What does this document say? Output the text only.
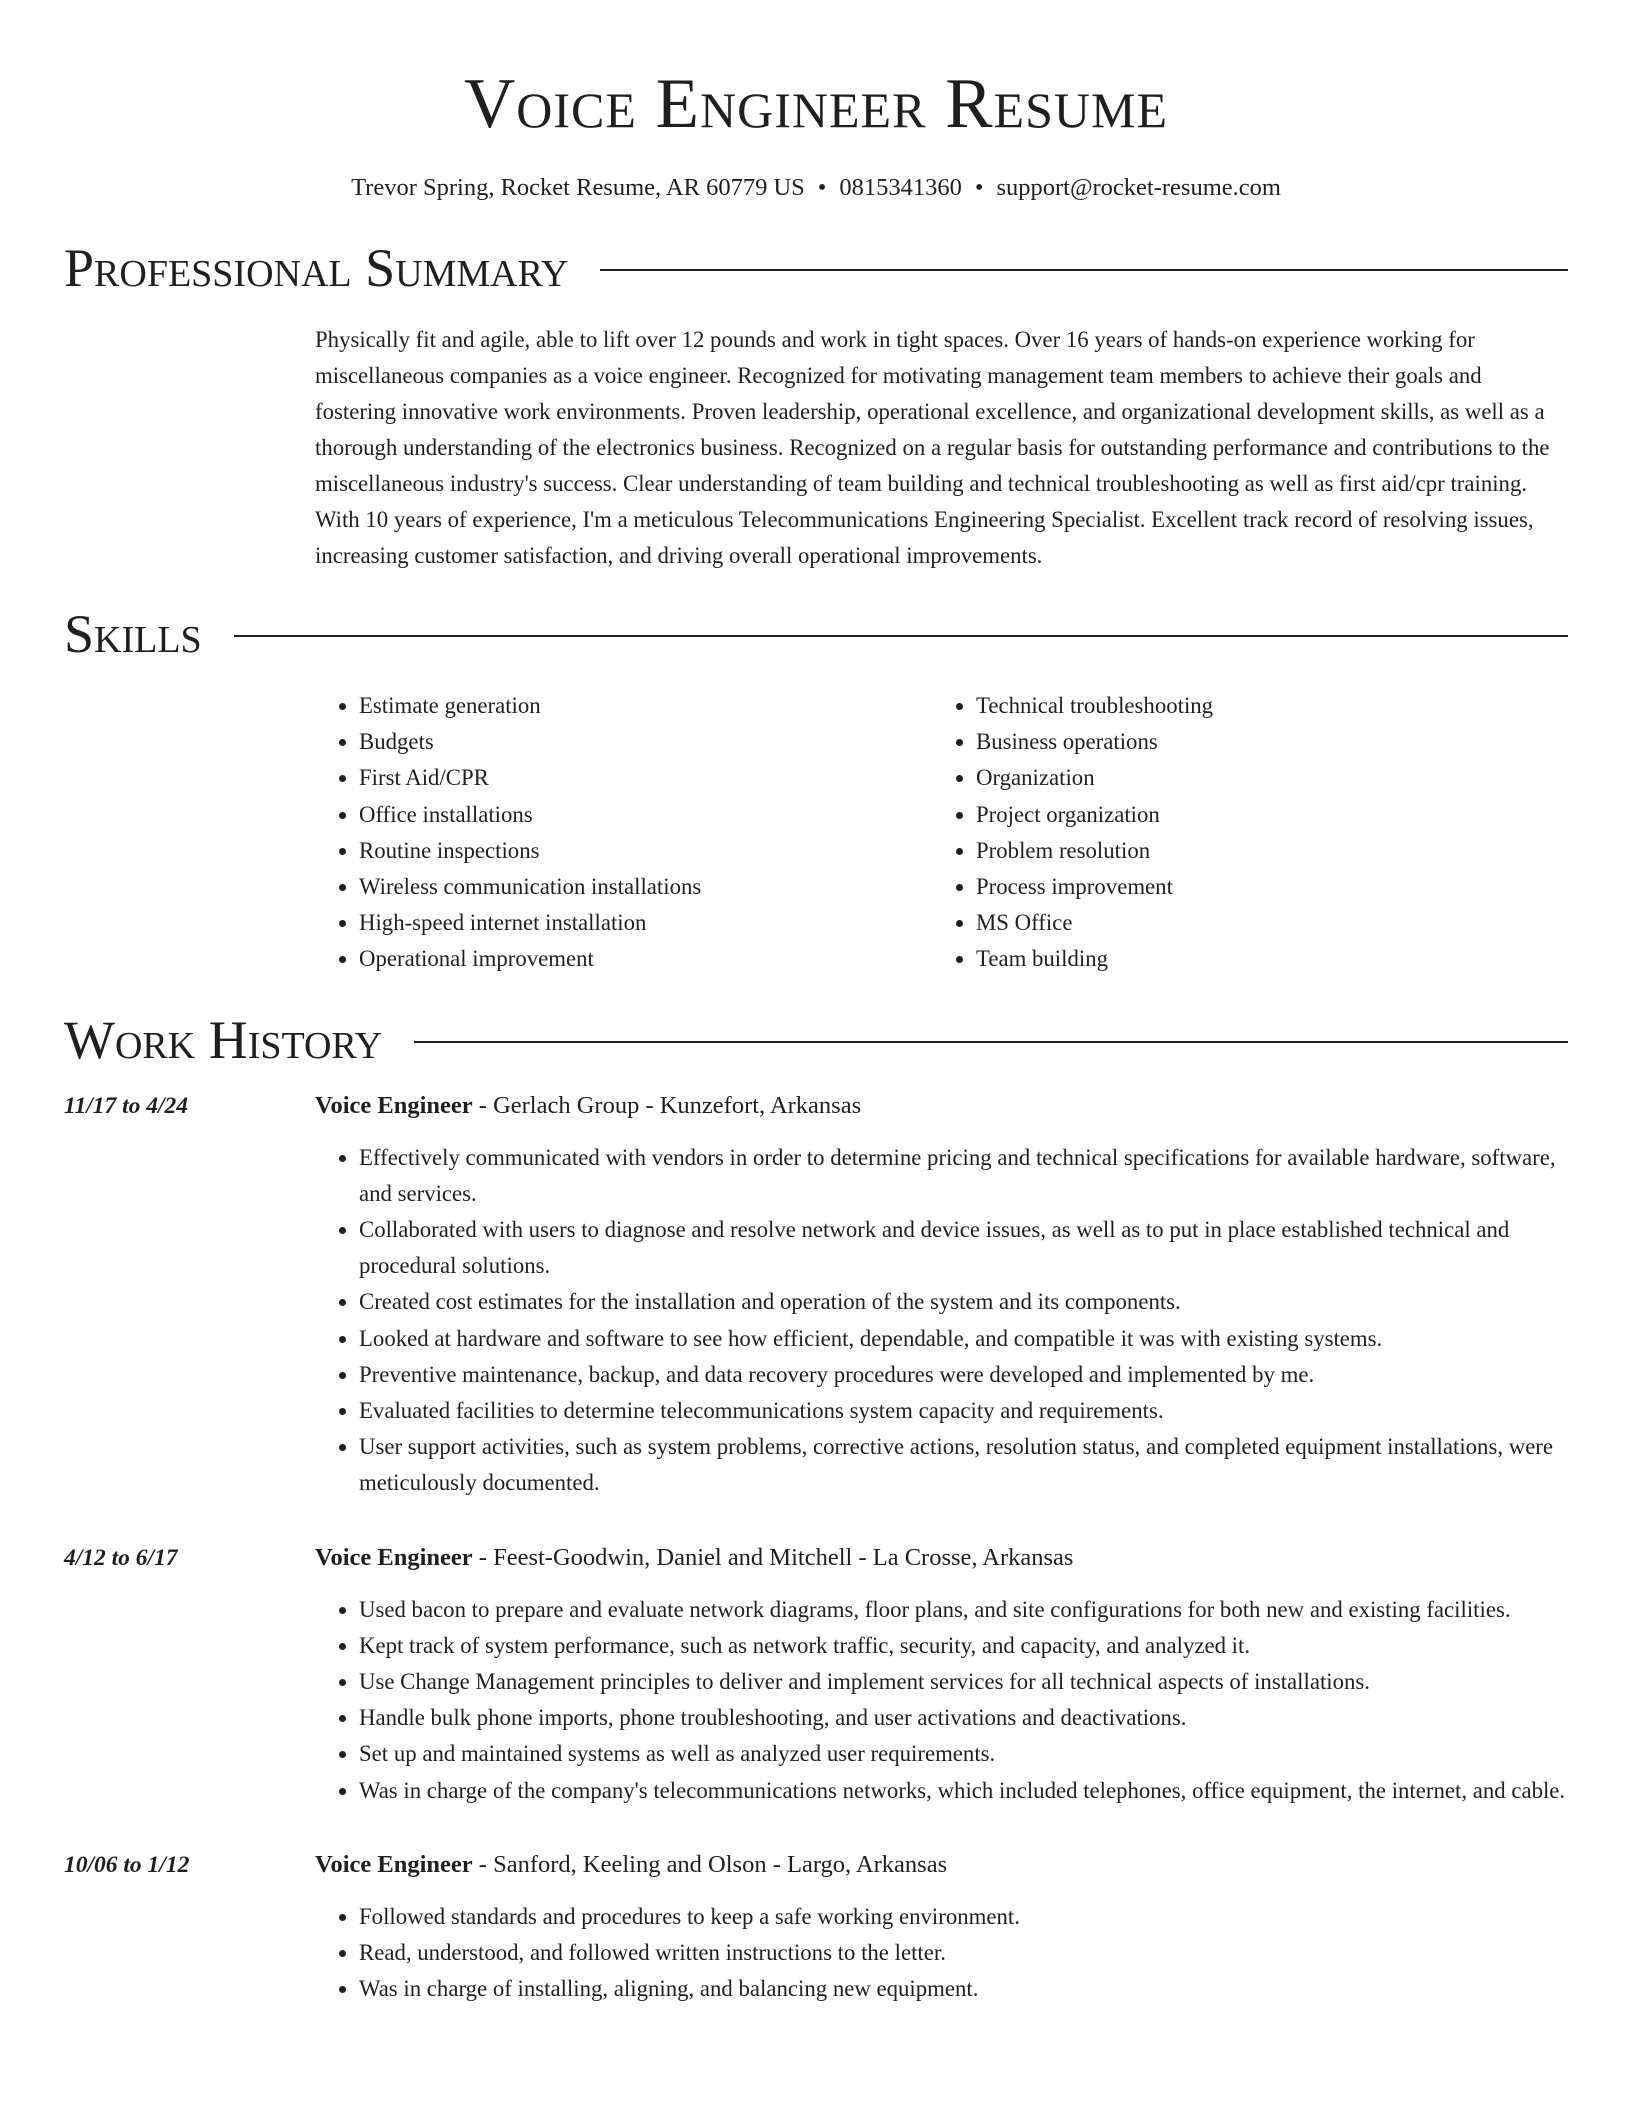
Voice Engineer Resume
Trevor Spring, Rocket Resume, AR 60779 US • 0815341360 • support@rocket-resume.com
Professional Summary
Physically fit and agile, able to lift over 12 pounds and work in tight spaces. Over 16 years of hands-on experience working for miscellaneous companies as a voice engineer. Recognized for motivating management team members to achieve their goals and fostering innovative work environments. Proven leadership, operational excellence, and organizational development skills, as well as a thorough understanding of the electronics business. Recognized on a regular basis for outstanding performance and contributions to the miscellaneous industry's success. Clear understanding of team building and technical troubleshooting as well as first aid/cpr training. With 10 years of experience, I'm a meticulous Telecommunications Engineering Specialist. Excellent track record of resolving issues, increasing customer satisfaction, and driving overall operational improvements.
Skills
• Estimate generation
• Budgets
• First Aid/CPR
• Office installations
• Routine inspections
• Wireless communication installations
• High-speed internet installation
• Operational improvement
• Technical troubleshooting
• Business operations
• Organization
• Project organization
• Problem resolution
• Process improvement
• MS Office
• Team building
Work History
11/17 to 4/24	Voice Engineer - Gerlach Group - Kunzefort, Arkansas
• Effectively communicated with vendors in order to determine pricing and technical specifications for available hardware, software, and services.
• Collaborated with users to diagnose and resolve network and device issues, as well as to put in place established technical and procedural solutions.
• Created cost estimates for the installation and operation of the system and its components.
• Looked at hardware and software to see how efficient, dependable, and compatible it was with existing systems.
• Preventive maintenance, backup, and data recovery procedures were developed and implemented by me.
• Evaluated facilities to determine telecommunications system capacity and requirements.
• User support activities, such as system problems, corrective actions, resolution status, and completed equipment installations, were meticulously documented.
4/12 to 6/17	Voice Engineer - Feest-Goodwin, Daniel and Mitchell - La Crosse, Arkansas
• Used bacon to prepare and evaluate network diagrams, floor plans, and site configurations for both new and existing facilities.
• Kept track of system performance, such as network traffic, security, and capacity, and analyzed it.
• Use Change Management principles to deliver and implement services for all technical aspects of installations.
• Handle bulk phone imports, phone troubleshooting, and user activations and deactivations.
• Set up and maintained systems as well as analyzed user requirements.
• Was in charge of the company's telecommunications networks, which included telephones, office equipment, the internet, and cable.
10/06 to 1/12	Voice Engineer - Sanford, Keeling and Olson - Largo, Arkansas
• Followed standards and procedures to keep a safe working environment.
• Read, understood, and followed written instructions to the letter.
• Was in charge of installing, aligning, and balancing new equipment.
